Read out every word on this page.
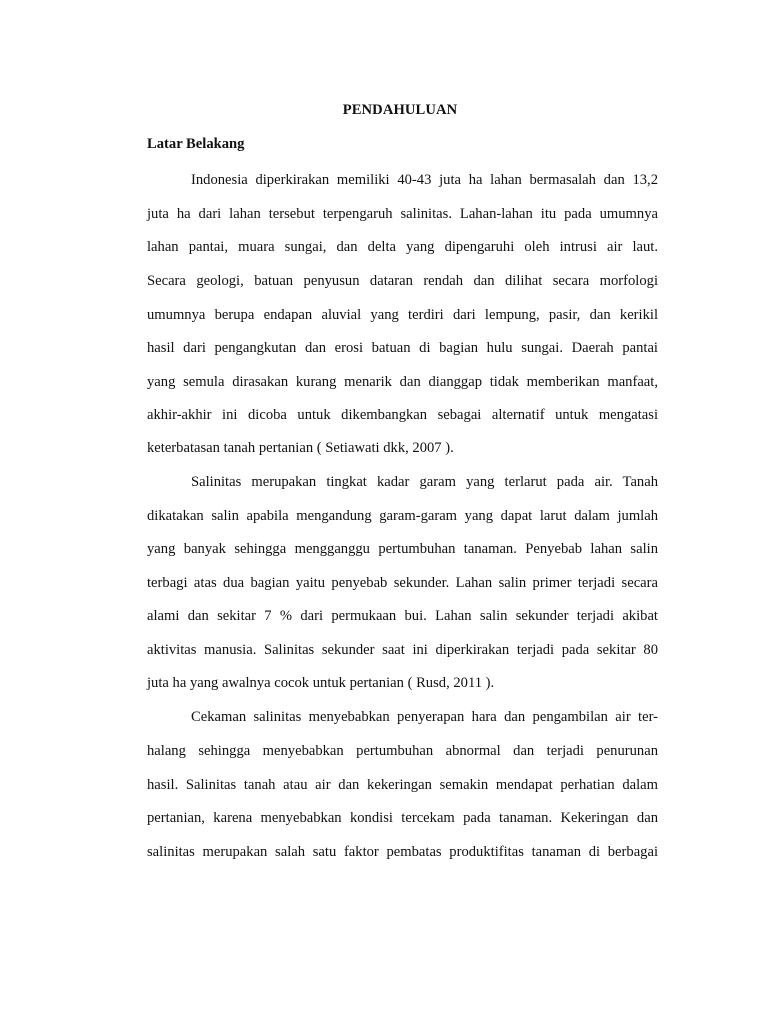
PENDAHULUAN
Latar Belakang
Indonesia diperkirakan memiliki 40-43 juta ha lahan bermasalah dan 13,2
juta ha dari lahan tersebut terpengaruh salinitas. Lahan-lahan itu pada umumnya
lahan pantai, muara sungai, dan delta yang dipengaruhi oleh intrusi air laut.
Secara geologi, batuan penyusun dataran rendah dan dilihat secara morfologi
umumnya berupa endapan aluvial yang terdiri dari lempung, pasir, dan kerikil
hasil dari pengangkutan dan erosi batuan di bagian hulu sungai. Daerah pantai
yang semula dirasakan kurang menarik dan dianggap tidak memberikan manfaat,
akhir-akhir ini dicoba untuk dikembangkan sebagai alternatif untuk mengatasi
keterbatasan tanah pertanian ( Setiawati dkk, 2007 ).
Salinitas merupakan tingkat kadar garam yang terlarut pada air. Tanah
dikatakan salin apabila mengandung garam-garam yang dapat larut dalam jumlah
yang banyak sehingga mengganggu pertumbuhan tanaman. Penyebab lahan salin
terbagi atas dua bagian yaitu penyebab sekunder. Lahan salin primer terjadi secara
alami dan sekitar 7 % dari permukaan bui. Lahan salin sekunder terjadi akibat
aktivitas manusia. Salinitas sekunder saat ini diperkirakan terjadi pada sekitar 80
juta ha yang awalnya cocok untuk pertanian ( Rusd, 2011 ).
Cekaman salinitas menyebabkan penyerapan hara dan pengambilan air ter-
halang sehingga menyebabkan pertumbuhan abnormal dan terjadi penurunan
hasil. Salinitas tanah atau air dan kekeringan semakin mendapat perhatian dalam
pertanian, karena menyebabkan kondisi tercekam pada tanaman. Kekeringan dan
salinitas merupakan salah satu faktor pembatas produktifitas tanaman di berbagai
